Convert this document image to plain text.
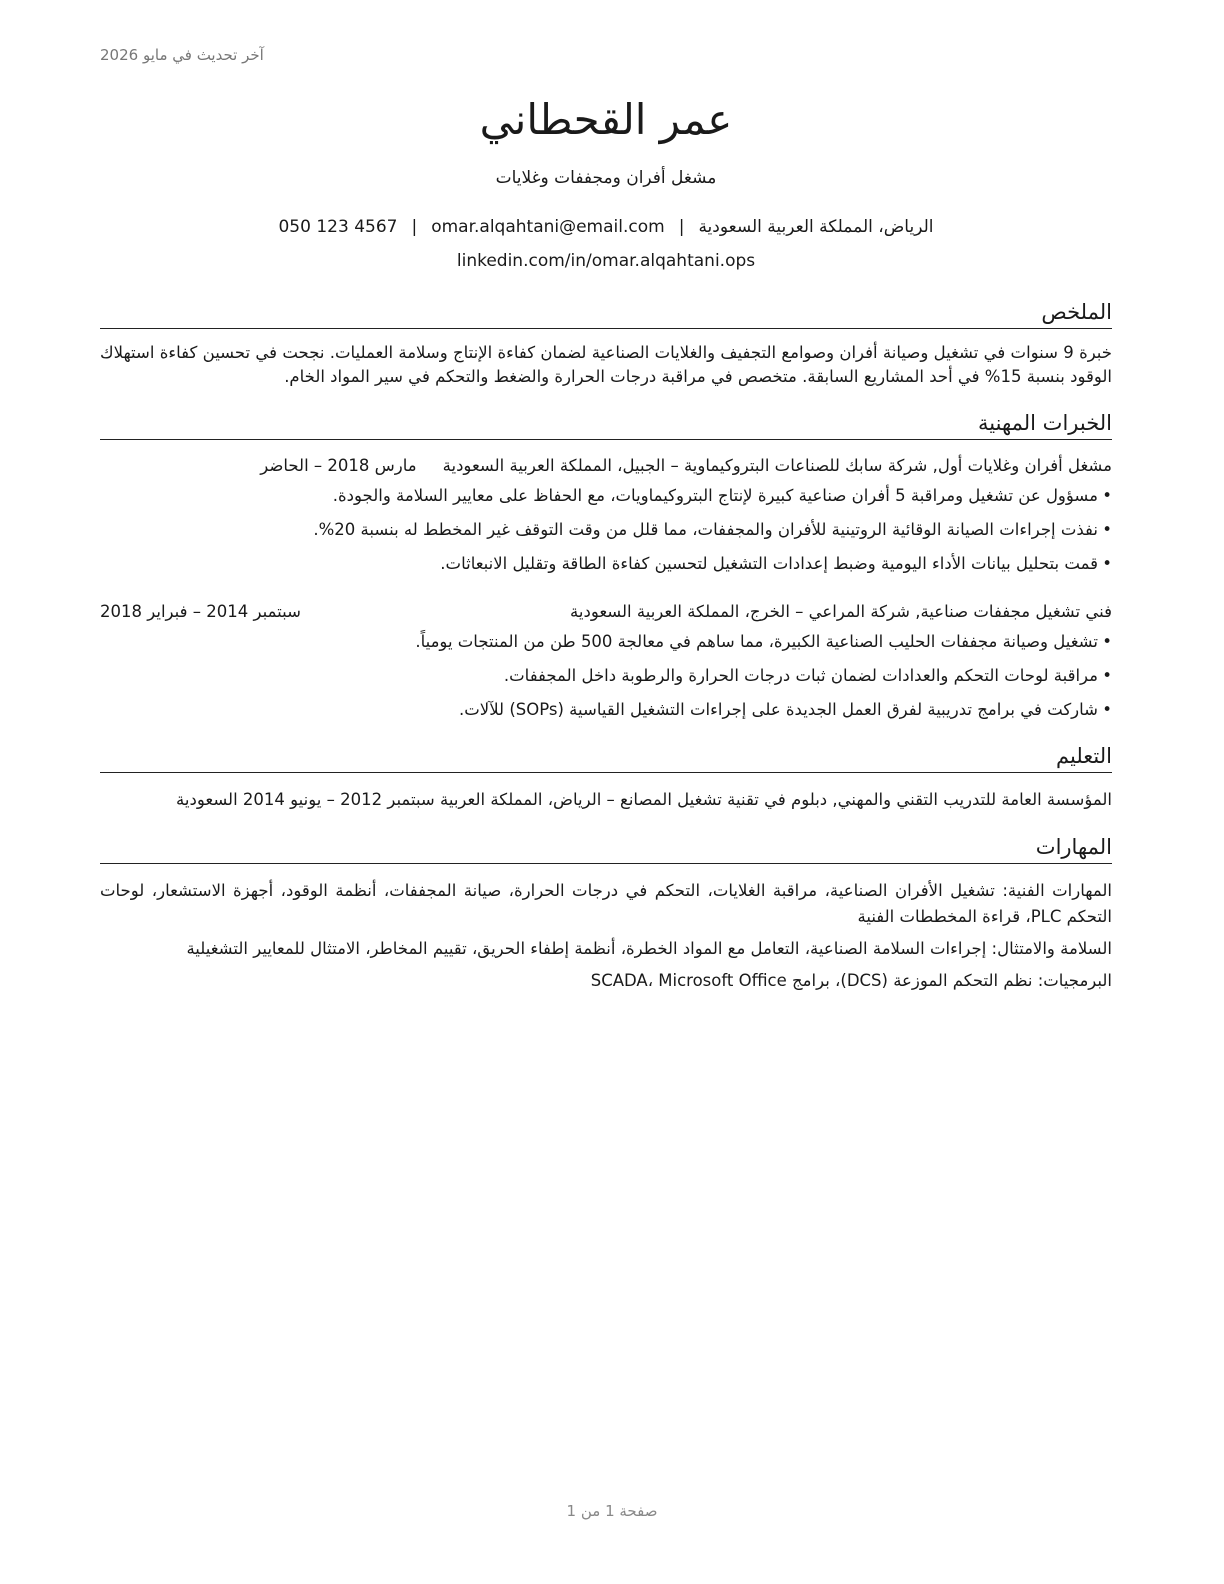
آخر تحديث في مايو 2026
عمر القحطاني
مشغل أفران ومجففات وغلايات
الرياض، المملكة العربية السعودية|omar.alqahtani@email.com|050 123 4567
linkedin.com/in/omar.alqahtani.ops
الملخص
خبرة 9 سنوات في تشغيل وصيانة أفران وصوامع التجفيف والغلايات الصناعية لضمان كفاءة الإنتاج وسلامة العمليات. نجحت في تحسين كفاءة استهلاك الوقود بنسبة 15% في أحد المشاريع السابقة. متخصص في مراقبة درجات الحرارة والضغط والتحكم في سير المواد الخام.
الخبرات المهنية
مشغل أفران وغلايات أول, شركة سابك للصناعات البتروكيماوية – الجبيل، المملكة العربية السعودية
مارس 2018 – الحاضر
•
مسؤول عن تشغيل ومراقبة 5 أفران صناعية كبيرة لإنتاج البتروكيماويات، مع الحفاظ على معايير السلامة والجودة.
•
نفذت إجراءات الصيانة الوقائية الروتينية للأفران والمجففات، مما قلل من وقت التوقف غير المخطط له بنسبة 20%.
•
قمت بتحليل بيانات الأداء اليومية وضبط إعدادات التشغيل لتحسين كفاءة الطاقة وتقليل الانبعاثات.
فني تشغيل مجففات صناعية, شركة المراعي – الخرج، المملكة العربية السعودية
سبتمبر 2014 – فبراير 2018
•
تشغيل وصيانة مجففات الحليب الصناعية الكبيرة، مما ساهم في معالجة 500 طن من المنتجات يومياً.
•
مراقبة لوحات التحكم والعدادات لضمان ثبات درجات الحرارة والرطوبة داخل المجففات.
•
شاركت في برامج تدريبية لفرق العمل الجديدة على إجراءات التشغيل القياسية (SOPs) للآلات.
التعليم
المؤسسة العامة للتدريب التقني والمهني, دبلوم في تقنية تشغيل المصانع – الرياض، المملكة العربية سبتمبر 2012 – يونيو 2014 السعودية
المهارات
المهارات الفنية: تشغيل الأفران الصناعية، مراقبة الغلايات، التحكم في درجات الحرارة، صيانة المجففات، أنظمة الوقود، أجهزة الاستشعار، لوحات التحكم PLC، قراءة المخططات الفنية
السلامة والامتثال: إجراءات السلامة الصناعية، التعامل مع المواد الخطرة، أنظمة إطفاء الحريق، تقييم المخاطر، الامتثال للمعايير التشغيلية
البرمجيات: نظم التحكم الموزعة (DCS)، برامج SCADA، Microsoft Office
صفحة 1 من 1
